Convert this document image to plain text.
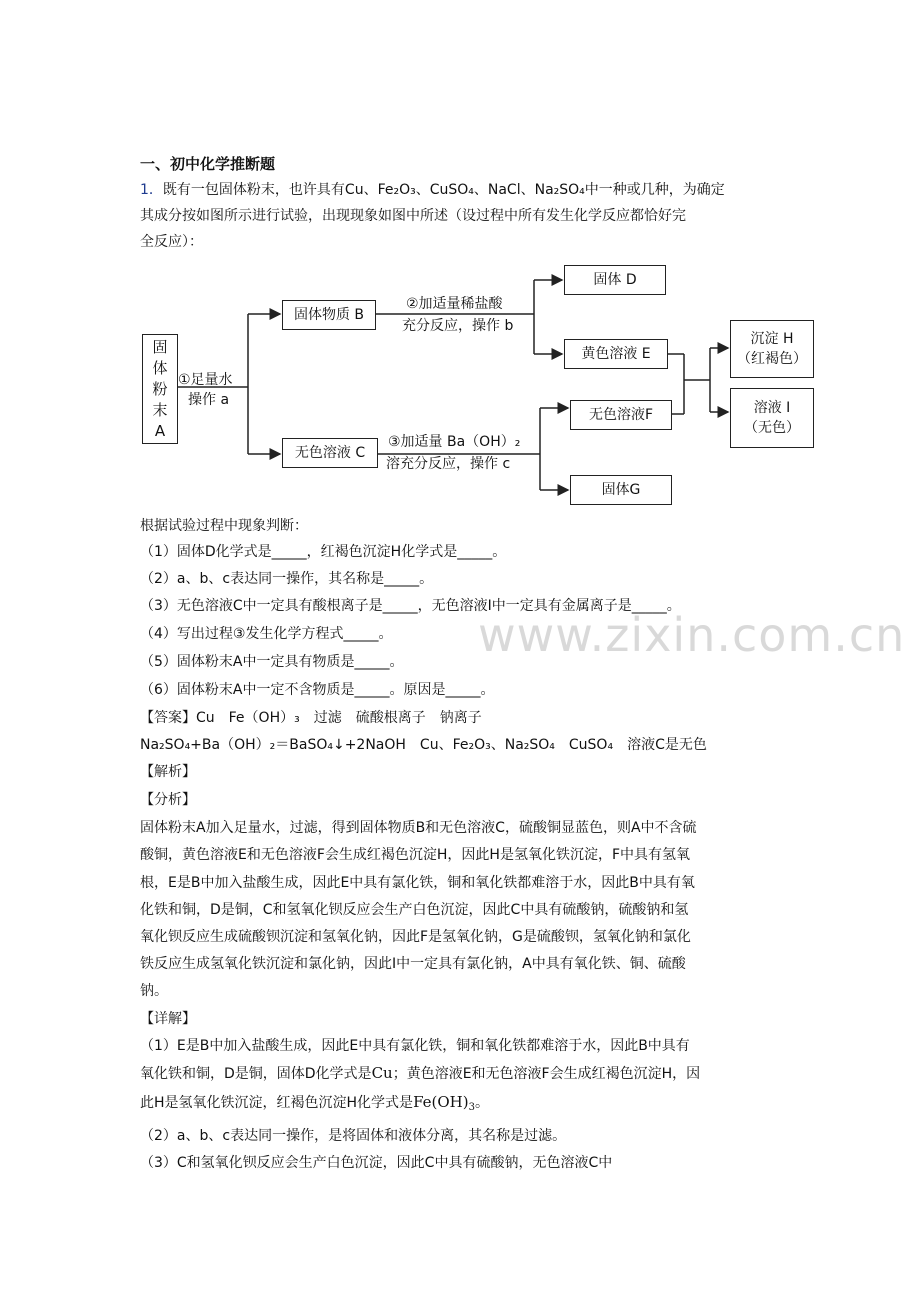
一、初中化学推断题
1．既有一包固体粉末，也许具有Cu、Fe₂O₃、CuSO₄、NaCl、Na₂SO₄中一种或几种，为确定
其成分按如图所示进行试验，出现现象如图中所述（设过程中所有发生化学反应都恰好完
全反应）：
固体粉末A
①足量水
操作 a
固体物质 B
②加适量稀盐酸
充分反应，操作 b
固体 D
黄色溶液 E
沉淀 H
（红褐色）
溶液 I
（无色）
无色溶液 C
③加适量 Ba（OH）₂
溶充分反应，操作 c
无色溶液F
固体G
根据试验过程中现象判断：
（1）固体D化学式是_____，红褐色沉淀H化学式是_____。
（2）a、b、c表达同一操作，其名称是_____。
（3）无色溶液C中一定具有酸根离子是_____，无色溶液I中一定具有金属离子是_____。
（4）写出过程③发生化学方程式_____。
（5）固体粉末A中一定具有物质是_____。
（6）固体粉末A中一定不含物质是_____。原因是_____。
www.zixin.com.cn
【答案】Cu　Fe（OH）₃　过滤　硫酸根离子　钠离子
Na₂SO₄+Ba（OH）₂＝BaSO₄↓+2NaOH　Cu、Fe₂O₃、Na₂SO₄　CuSO₄　溶液C是无色
【解析】
【分析】
固体粉末A加入足量水，过滤，得到固体物质B和无色溶液C，硫酸铜显蓝色，则A中不含硫
酸铜，黄色溶液E和无色溶液F会生成红褐色沉淀H，因此H是氢氧化铁沉淀，F中具有氢氧
根，E是B中加入盐酸生成，因此E中具有氯化铁，铜和氧化铁都难溶于水，因此B中具有氧
化铁和铜，D是铜，C和氢氧化钡反应会生产白色沉淀，因此C中具有硫酸钠，硫酸钠和氢
氧化钡反应生成硫酸钡沉淀和氢氧化钠，因此F是氢氧化钠，G是硫酸钡，氢氧化钠和氯化
铁反应生成氢氧化铁沉淀和氯化钠，因此I中一定具有氯化钠，A中具有氧化铁、铜、硫酸
钠。
【详解】
（1）E是B中加入盐酸生成，因此E中具有氯化铁，铜和氧化铁都难溶于水，因此B中具有
氧化铁和铜，D是铜，固体D化学式是Cu；黄色溶液E和无色溶液F会生成红褐色沉淀H，因
此H是氢氧化铁沉淀，红褐色沉淀H化学式是$Fe(OH)_3$。
（2）a、b、c表达同一操作，是将固体和液体分离，其名称是过滤。
（3）C和氢氧化钡反应会生产白色沉淀，因此C中具有硫酸钠，无色溶液C中
